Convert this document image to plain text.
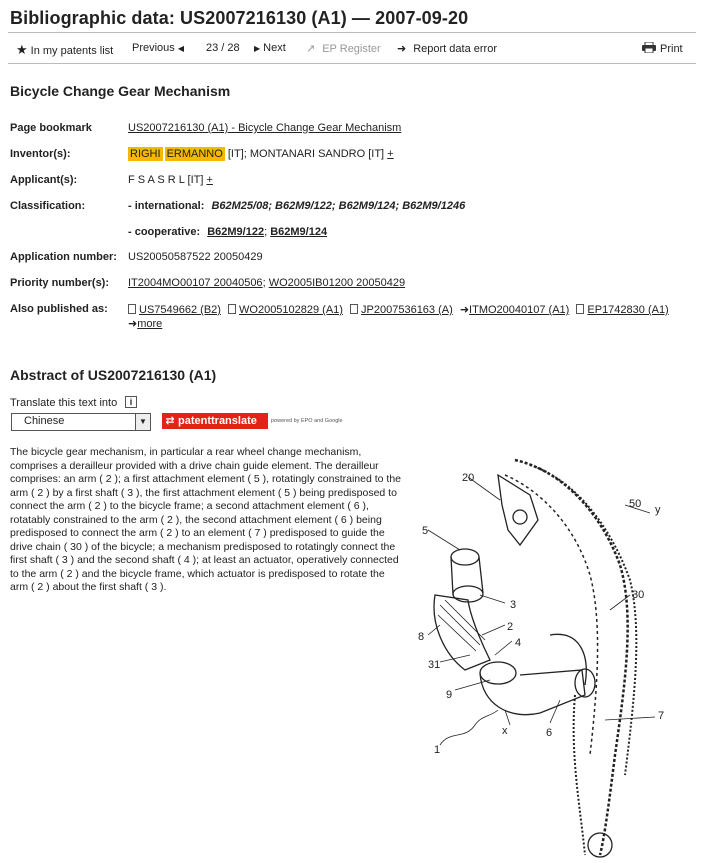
Bibliographic data: US2007216130 (A1) — 2007-09-20
★ In my patents list Previous ◀ 23 / 28 ▶ Next ↗ EP Register ➜ Report data error	Print
Bicycle Change Gear Mechanism
Page bookmark	US2007216130 (A1) - Bicycle Change Gear Mechanism
Inventor(s):	RIGHI ERMANNO [IT]; MONTANARI SANDRO [IT] +
Applicant(s):	F S A S R L [IT] +
Classification:	- international: B62M25/08; B62M9/122; B62M9/124; B62M9/1246
- cooperative: B62M9/122; B62M9/124
Application number: US20050587522 20050429
Priority number(s): IT2004MO00107 20040506; WO2005IB01200 20050429
Also published as:	US7549662 (B2) WO2005102829 (A1) JP2007536163 (A) ➜ITMO20040107 (A1) EP1742830 (A1)
➜more
Abstract of US2007216130 (A1)
Translate this text into	i
Chinese	▼	⇄ patenttranslate	powered by EPO and Google
The bicycle gear mechanism, in particular a rear wheel change mechanism, comprises a derailleur provided with a drive chain guide element. The derailleur comprises: an arm ( 2 ); a first attachment element ( 5 ), rotatingly constrained to the arm ( 2 ) by a first shaft ( 3 ), the first attachment element ( 5 ) being predisposed to connect the arm ( 2 ) to the bicycle frame; a second attachment element ( 6 ), rotatably constrained to the arm ( 2 ), the second attachment element ( 6 ) being predisposed to connect the arm ( 2 ) to an element ( 7 ) predisposed to guide the drive chain ( 30 ) of the bicycle; a mechanism predisposed to rotatingly connect the first shaft ( 3 ) and the second shaft ( 4 ); at least an actuator, operatively connected to the arm ( 2 ) and the bicycle frame, which actuator is predisposed to rotate the arm ( 2 ) about the first shaft ( 3 ).
20
50 y
5
30
3
8
2
4
31
9
x	6
7
1
